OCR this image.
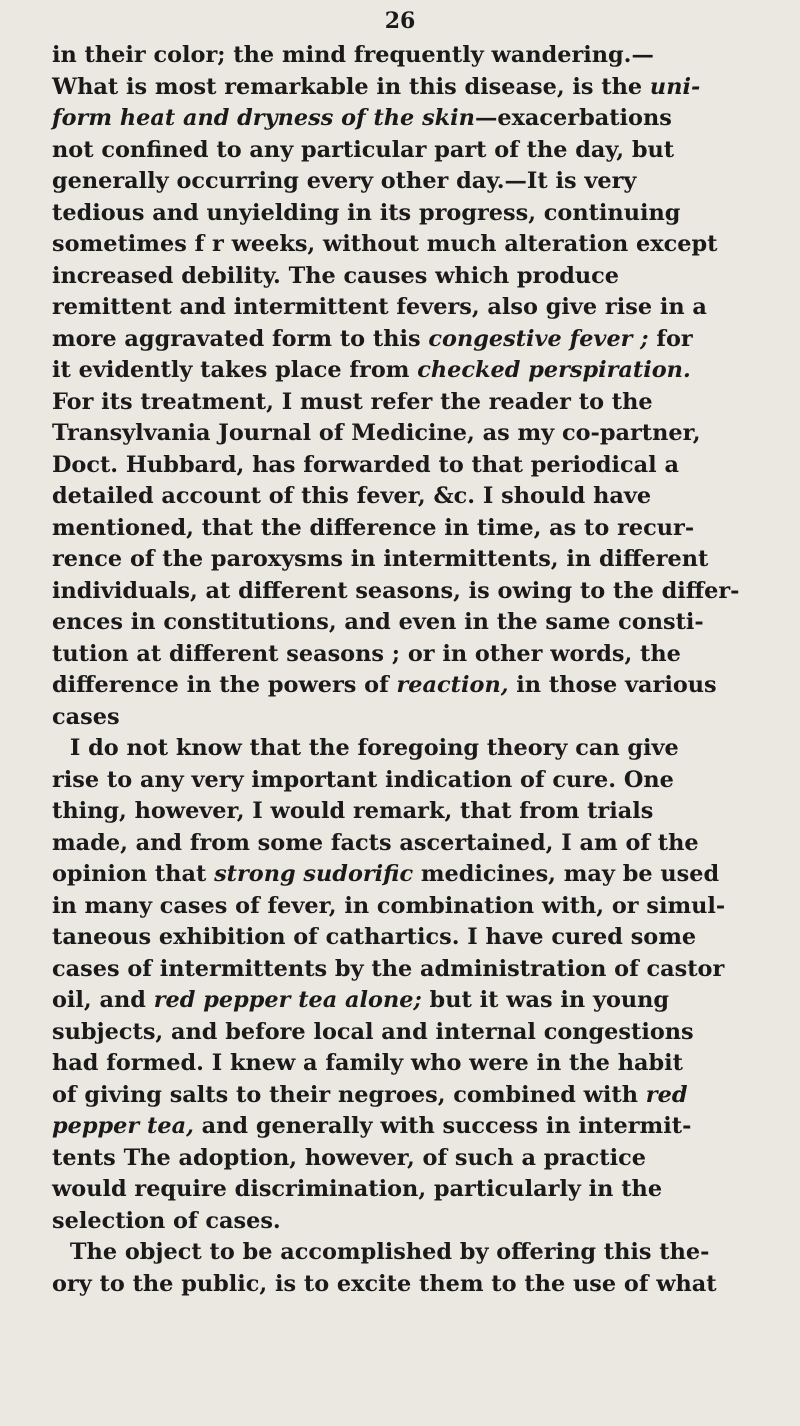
26
in their color; the mind frequently wandering.—
What is most remarkable in this disease, is the uni-
form heat and dryness of the skin—exacerbations
not confined to any particular part of the day, but
generally occurring every other day.—It is very
tedious and unyielding in its progress, continuing
sometimes f r weeks, without much alteration except
increased debility. The causes which produce
remittent and intermittent fevers, also give rise in a
more aggravated form to this congestive fever ; for
it evidently takes place from checked perspiration.
For its treatment, I must refer the reader to the
Transylvania Journal of Medicine, as my co-partner,
Doct. Hubbard, has forwarded to that periodical a
detailed account of this fever, &c. I should have
mentioned, that the difference in time, as to recur-
rence of the paroxysms in intermittents, in different
individuals, at different seasons, is owing to the differ-
ences in constitutions, and even in the same consti-
tution at different seasons ; or in other words, the
difference in the powers of reaction, in those various
cases
I do not know that the foregoing theory can give
rise to any very important indication of cure. One
thing, however, I would remark, that from trials
made, and from some facts ascertained, I am of the
opinion that strong sudorific medicines, may be used
in many cases of fever, in combination with, or simul-
taneous exhibition of cathartics. I have cured some
cases of intermittents by the administration of castor
oil, and red pepper tea alone; but it was in young
subjects, and before local and internal congestions
had formed. I knew a family who were in the habit
of giving salts to their negroes, combined with red
pepper tea, and generally with success in intermit-
tents The adoption, however, of such a practice
would require discrimination, particularly in the
selection of cases.
The object to be accomplished by offering this the-
ory to the public, is to excite them to the use of what
